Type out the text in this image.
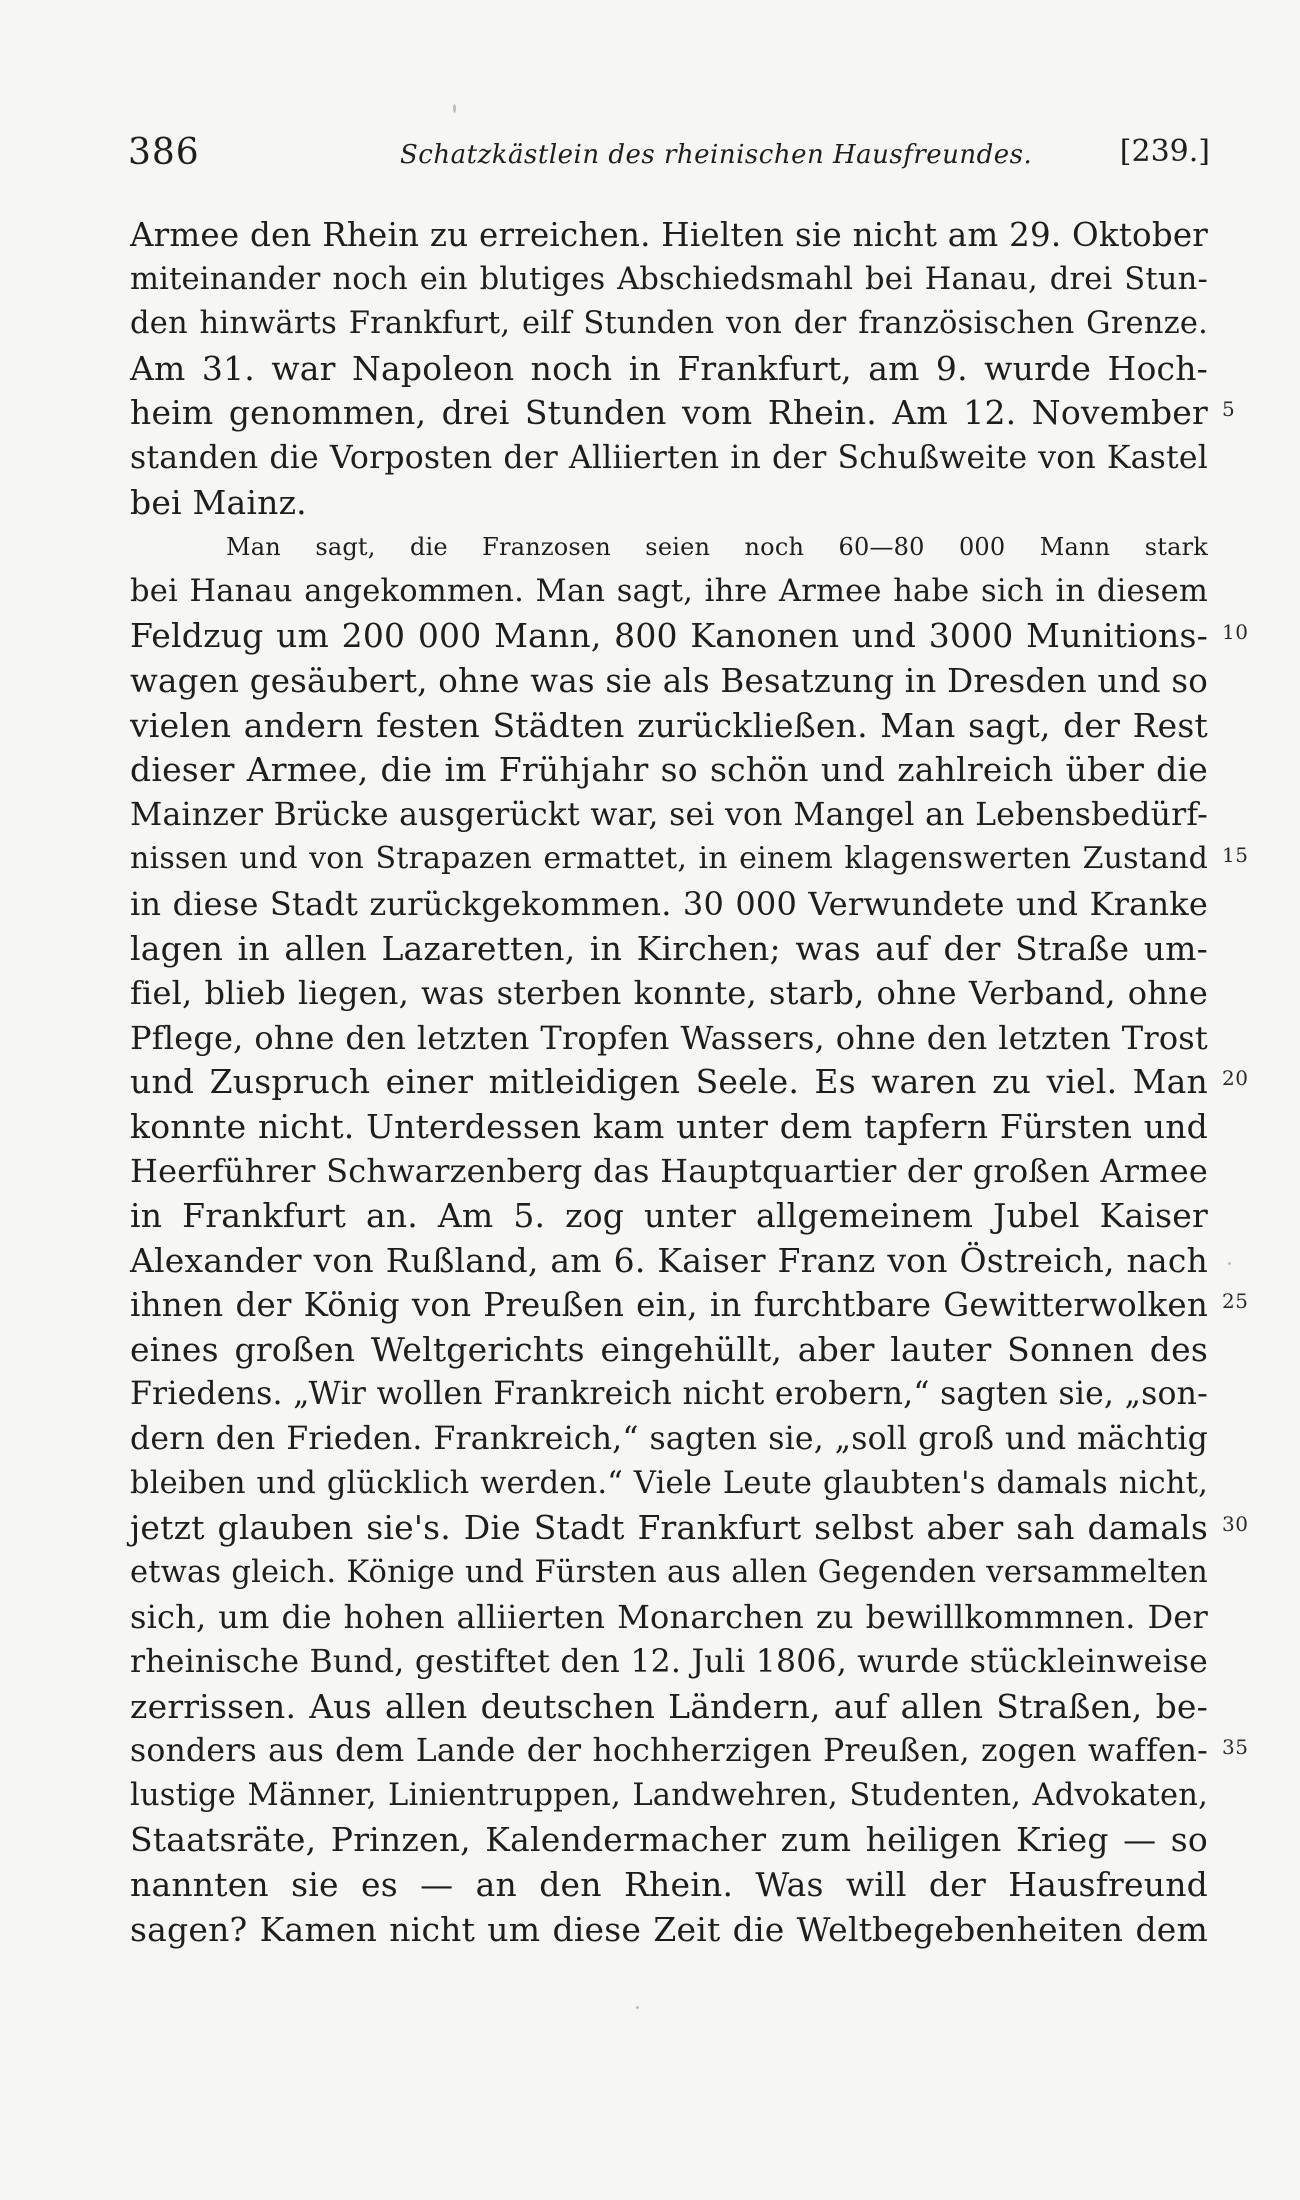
386	Schatzkästlein des rheinischen Hausfreundes.	[239.]
Armee den Rhein zu erreichen. Hielten sie nicht am 29. Oktober
miteinander noch ein blutiges Abschiedsmahl bei Hanau, drei Stun-
den hinwärts Frankfurt, eilf Stunden von der französischen Grenze.
Am 31. war Napoleon noch in Frankfurt, am 9. wurde Hoch-
heim genommen, drei Stunden vom Rhein. Am 12. November 5
standen die Vorposten der Alliierten in der Schußweite von Kastel
bei Mainz.
Man sagt, die Franzosen seien noch 60—80 000 Mann stark
bei Hanau angekommen. Man sagt, ihre Armee habe sich in diesem
Feldzug um 200 000 Mann, 800 Kanonen und 3000 Munitions- 10
wagen gesäubert, ohne was sie als Besatzung in Dresden und so
vielen andern festen Städten zurückließen. Man sagt, der Rest
dieser Armee, die im Frühjahr so schön und zahlreich über die
Mainzer Brücke ausgerückt war, sei von Mangel an Lebensbedürf-
nissen und von Strapazen ermattet, in einem klagenswerten Zustand 15
in diese Stadt zurückgekommen. 30 000 Verwundete und Kranke
lagen in allen Lazaretten, in Kirchen; was auf der Straße um-
fiel, blieb liegen, was sterben konnte, starb, ohne Verband, ohne
Pflege, ohne den letzten Tropfen Wassers, ohne den letzten Trost
und Zuspruch einer mitleidigen Seele. Es waren zu viel. Man 20
konnte nicht. Unterdessen kam unter dem tapfern Fürsten und
Heerführer Schwarzenberg das Hauptquartier der großen Armee
in Frankfurt an. Am 5. zog unter allgemeinem Jubel Kaiser
Alexander von Rußland, am 6. Kaiser Franz von Östreich, nach
ihnen der König von Preußen ein, in furchtbare Gewitterwolken 25
eines großen Weltgerichts eingehüllt, aber lauter Sonnen des
Friedens. „Wir wollen Frankreich nicht erobern,“ sagten sie, „son-
dern den Frieden. Frankreich,“ sagten sie, „soll groß und mächtig
bleiben und glücklich werden.“ Viele Leute glaubten's damals nicht,
jetzt glauben sie's. Die Stadt Frankfurt selbst aber sah damals 30
etwas gleich. Könige und Fürsten aus allen Gegenden versammelten
sich, um die hohen alliierten Monarchen zu bewillkommnen. Der
rheinische Bund, gestiftet den 12. Juli 1806, wurde stückleinweise
zerrissen. Aus allen deutschen Ländern, auf allen Straßen, be-
sonders aus dem Lande der hochherzigen Preußen, zogen waffen- 35
lustige Männer, Linientruppen, Landwehren, Studenten, Advokaten,
Staatsräte, Prinzen, Kalendermacher zum heiligen Krieg — so
nannten sie es — an den Rhein. Was will der Hausfreund
sagen? Kamen nicht um diese Zeit die Weltbegebenheiten dem
